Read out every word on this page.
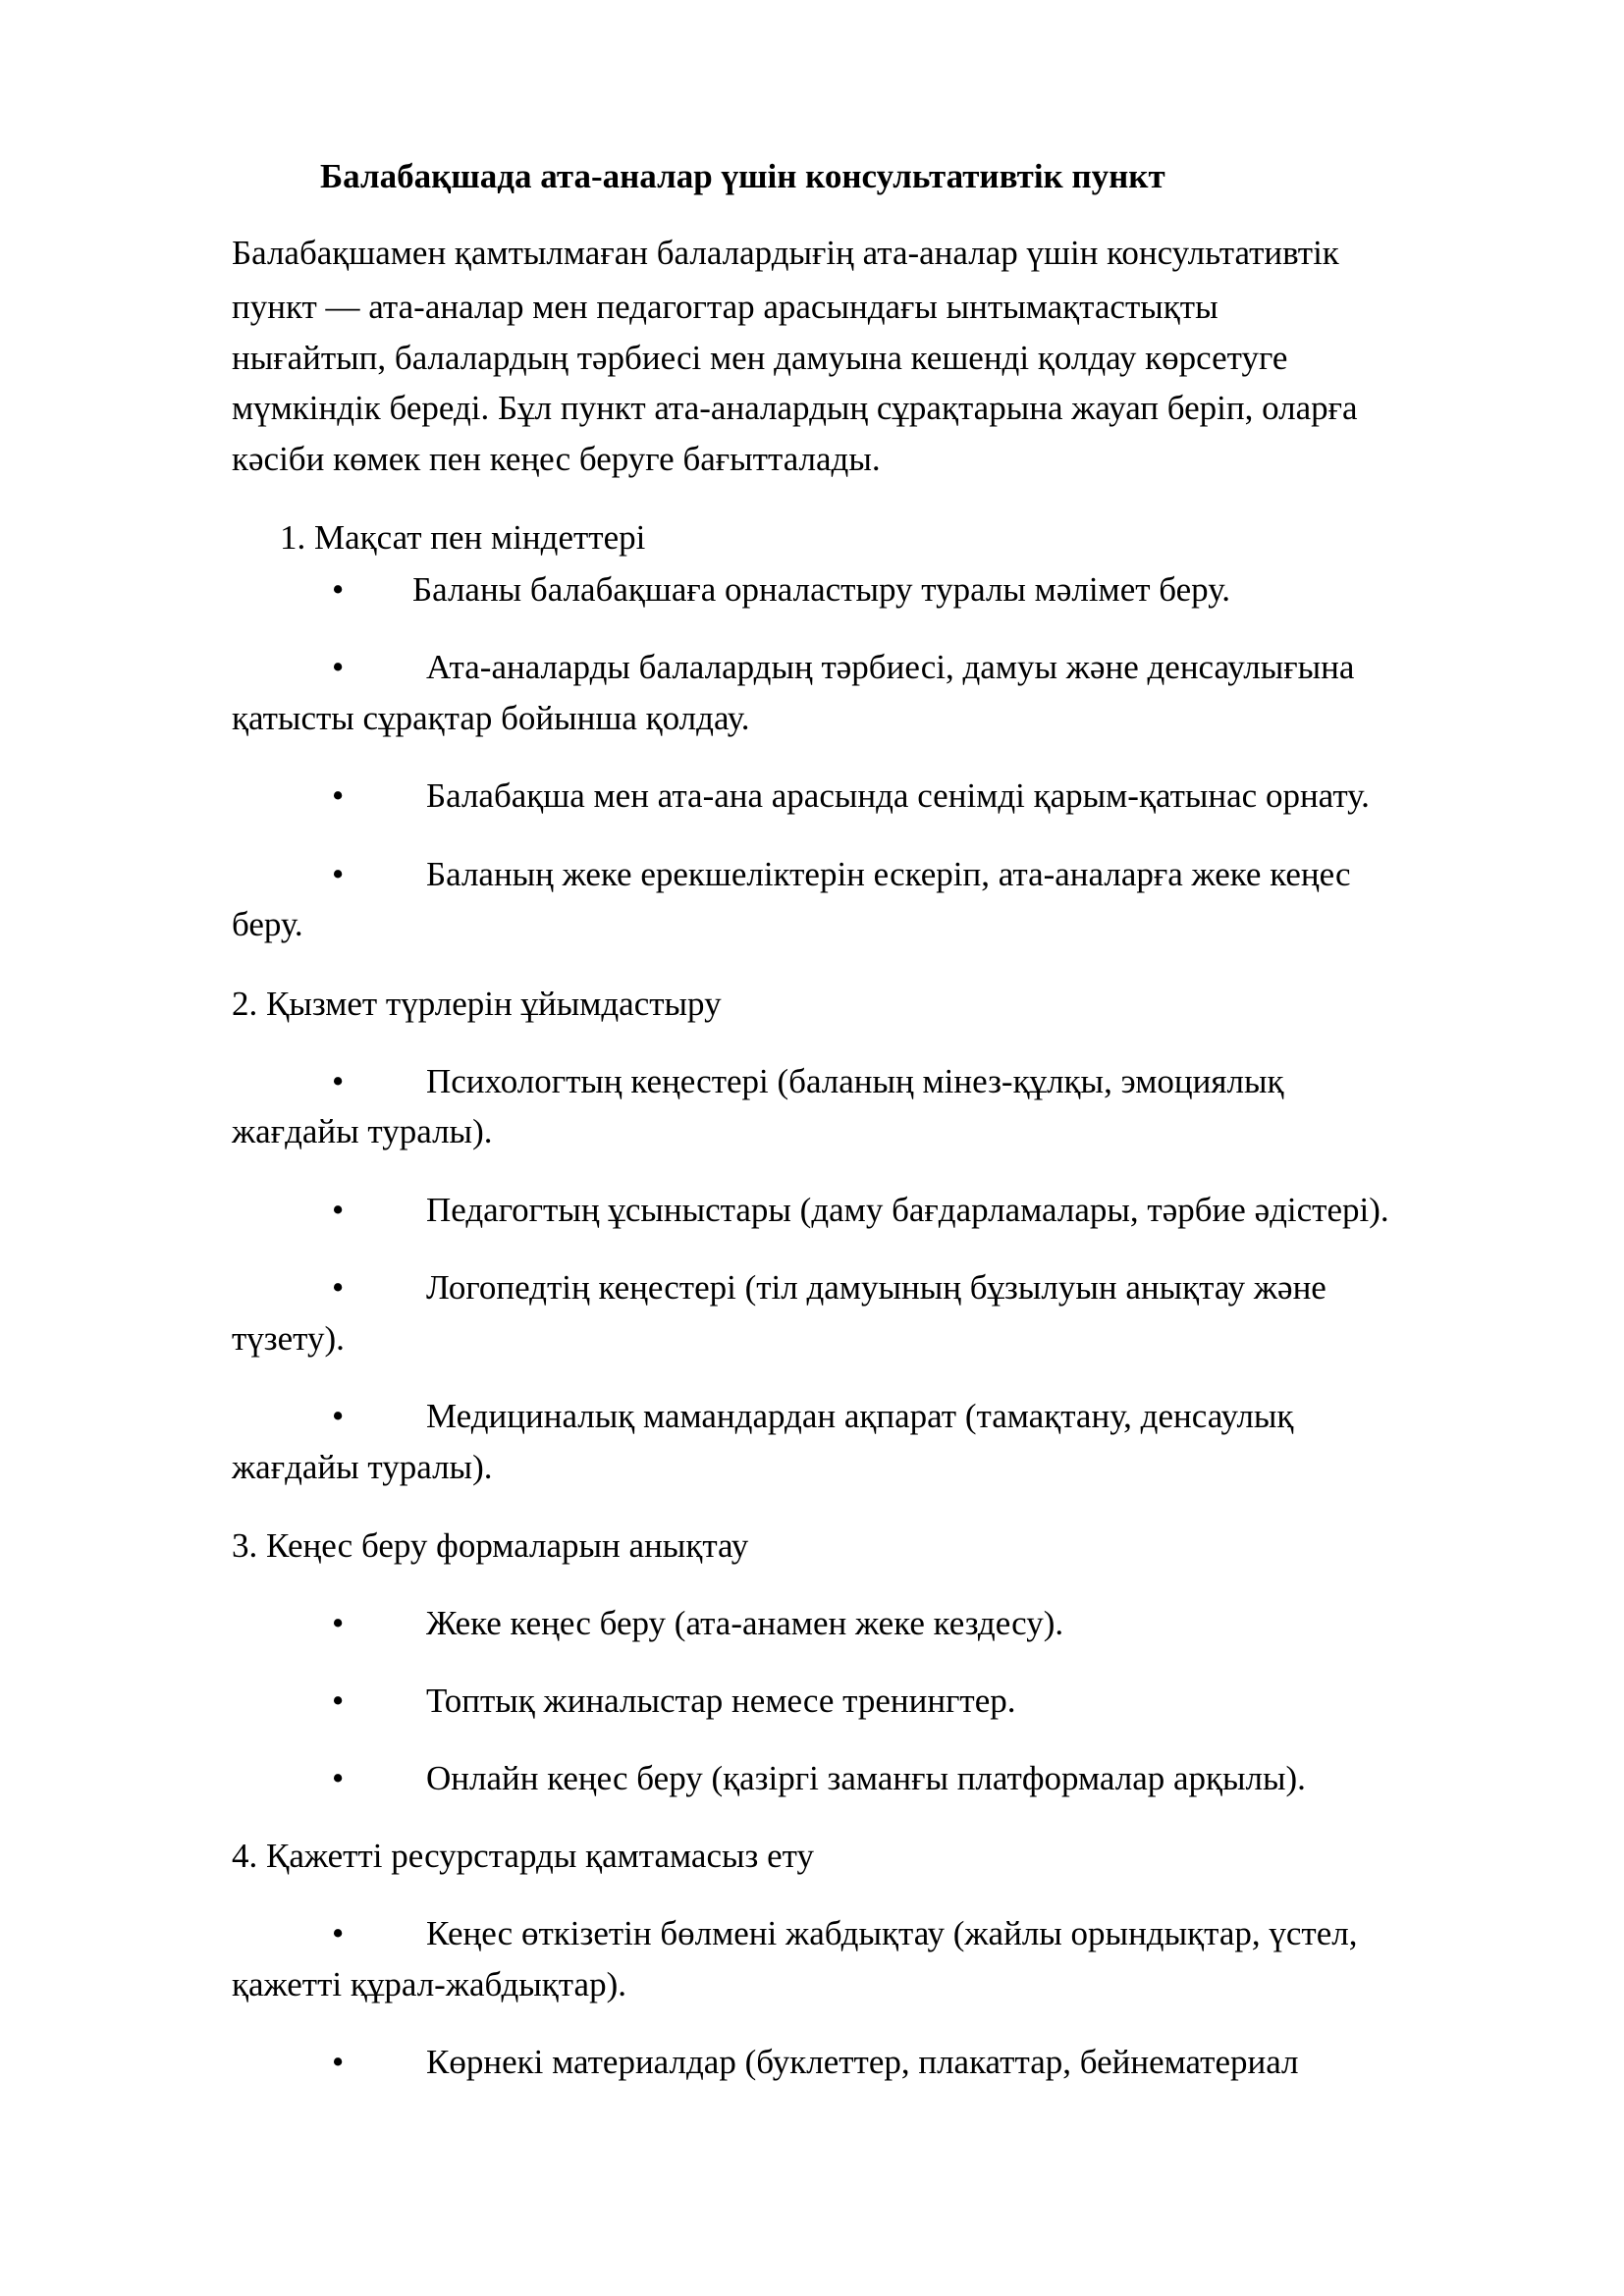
Балабақшада ата-аналар үшін консультативтік пункт
Балабақшамен қамтылмаған балалардығің ата-аналар үшін консультативтік
пункт — ата-аналар мен педагогтар арасындағы ынтымақтастықты
нығайтып, балалардың тәрбиесі мен дамуына кешенді қолдау көрсетуге
мүмкіндік береді. Бұл пункт ата-аналардың сұрақтарына жауап беріп, оларға
кәсіби көмек пен кеңес беруге бағытталады.
1. Мақсат пен міндеттері
• Баланы балабақшаға орналастыру туралы мәлімет беру.
• Ата-аналарды балалардың тәрбиесі, дамуы және денсаулығына
қатысты сұрақтар бойынша қолдау.
• Балабақша мен ата-ана арасында сенімді қарым-қатынас орнату.
• Баланың жеке ерекшеліктерін ескеріп, ата-аналарға жеке кеңес
беру.
2. Қызмет түрлерін ұйымдастыру
• Психологтың кеңестері (баланың мінез-құлқы, эмоциялық
жағдайы туралы).
• Педагогтың ұсыныстары (даму бағдарламалары, тәрбие әдістері).
• Логопедтің кеңестері (тіл дамуының бұзылуын анықтау және
түзету).
• Медициналық мамандардан ақпарат (тамақтану, денсаулық
жағдайы туралы).
3. Кеңес беру формаларын анықтау
• Жеке кеңес беру (ата-анамен жеке кездесу).
• Топтық жиналыстар немесе тренингтер.
• Онлайн кеңес беру (қазіргі заманғы платформалар арқылы).
4. Қажетті ресурстарды қамтамасыз ету
• Кеңес өткізетін бөлмені жабдықтау (жайлы орындықтар, үстел,
қажетті құрал-жабдықтар).
• Көрнекі материалдар (буклеттер, плакаттар, бейнематериал
